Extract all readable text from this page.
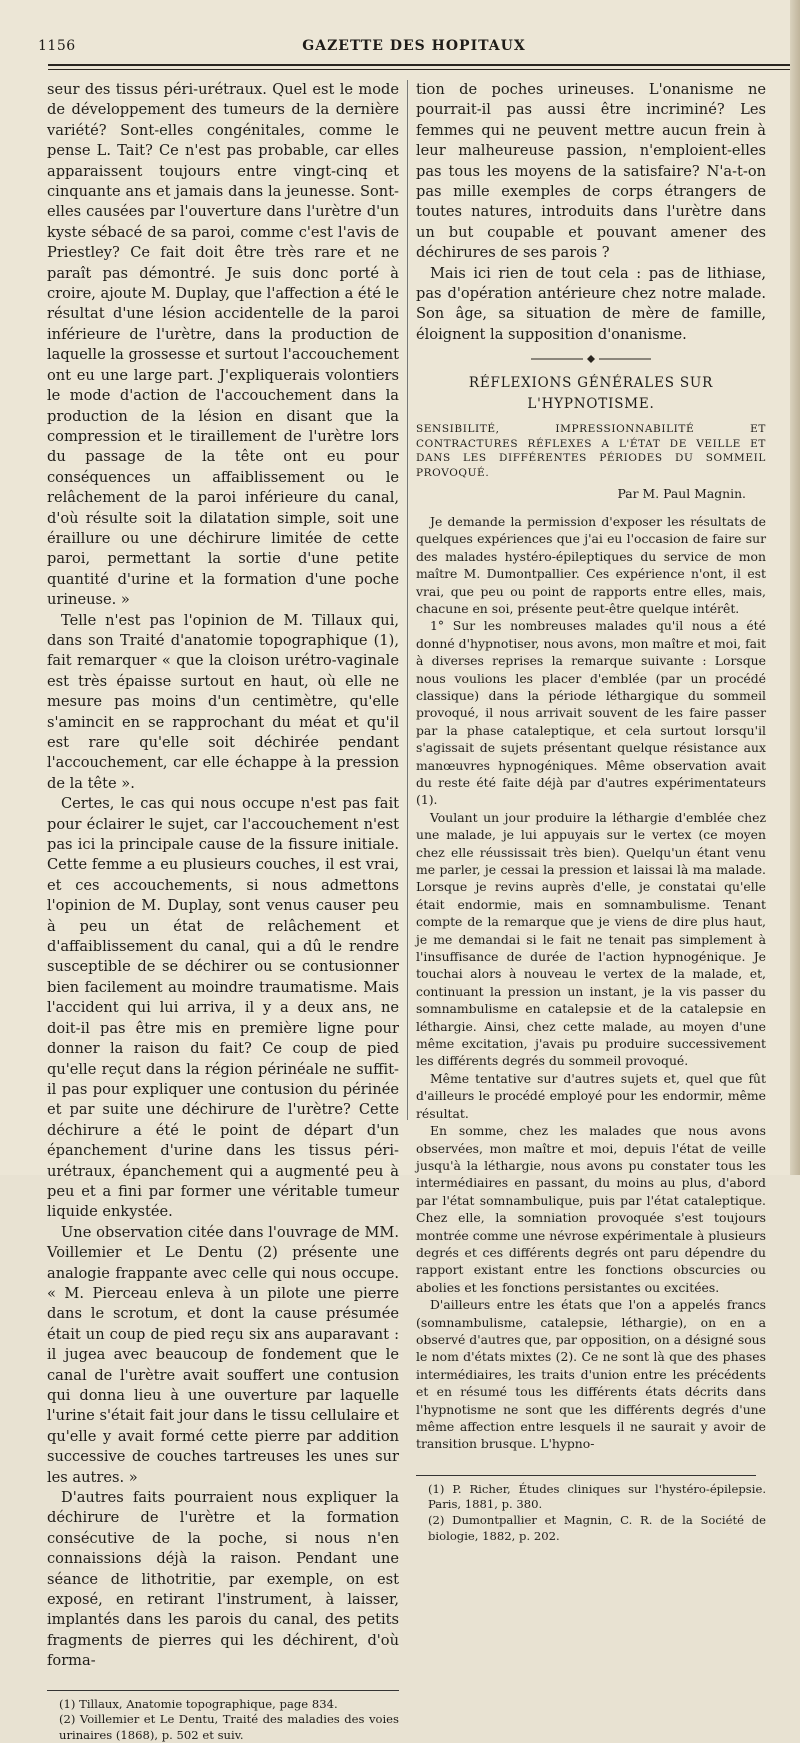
1156	GAZETTE DES HOPITAUX

seur des tissus péri-urétraux. Quel est le mode de développement des tumeurs de la dernière variété? Sont-elles congénitales, comme le pense L. Tait? Ce n'est pas probable, car elles apparaissent toujours entre vingt-cinq et cinquante ans et jamais dans la jeunesse. Sont-elles causées par l'ouverture dans l'urètre d'un kyste sébacé de sa paroi, comme c'est l'avis de Priestley? Ce fait doit être très rare et ne paraît pas démontré. Je suis donc porté à croire, ajoute M. Duplay, que l'affection a été le résultat d'une lésion accidentelle de la paroi inférieure de l'urètre, dans la production de laquelle la grossesse et surtout l'accouchement ont eu une large part. J'expliquerais volontiers le mode d'action de l'accouchement dans la production de la lésion en disant que la compression et le tiraillement de l'urètre lors du passage de la tête ont eu pour conséquences un affaiblissement ou le relâchement de la paroi inférieure du canal, d'où résulte soit la dilatation simple, soit une éraillure ou une déchirure limitée de cette paroi, permettant la sortie d'une petite quantité d'urine et la formation d'une poche urineuse. »

Telle n'est pas l'opinion de M. Tillaux qui, dans son Traité d'anatomie topographique (1), fait remarquer « que la cloison urétro-vaginale est très épaisse surtout en haut, où elle ne mesure pas moins d'un centimètre, qu'elle s'amincit en se rapprochant du méat et qu'il est rare qu'elle soit déchirée pendant l'accouchement, car elle échappe à la pression de la tête ».

Certes, le cas qui nous occupe n'est pas fait pour éclairer le sujet, car l'accouchement n'est pas ici la principale cause de la fissure initiale. Cette femme a eu plusieurs couches, il est vrai, et ces accouchements, si nous admettons l'opinion de M. Duplay, sont venus causer peu à peu un état de relâchement et d'affaiblissement du canal, qui a dû le rendre susceptible de se déchirer ou se contusionner bien facilement au moindre traumatisme. Mais l'accident qui lui arriva, il y a deux ans, ne doit-il pas être mis en première ligne pour donner la raison du fait? Ce coup de pied qu'elle reçut dans la région périnéale ne suffit-il pas pour expliquer une contusion du périnée et par suite une déchirure de l'urètre? Cette déchirure a été le point de départ d'un épanchement d'urine dans les tissus péri-urétraux, épanchement qui a augmenté peu à peu et a fini par former une véritable tumeur liquide enkystée.

Une observation citée dans l'ouvrage de MM. Voillemier et Le Dentu (2) présente une analogie frappante avec celle qui nous occupe. « M. Pierceau enleva à un pilote une pierre dans le scrotum, et dont la cause présumée était un coup de pied reçu six ans auparavant : il jugea avec beaucoup de fondement que le canal de l'urètre avait souffert une contusion qui donna lieu à une ouverture par laquelle l'urine s'était fait jour dans le tissu cellulaire et qu'elle y avait formé cette pierre par addition successive de couches tartreuses les unes sur les autres. »

D'autres faits pourraient nous expliquer la déchirure de l'urètre et la formation consécutive de la poche, si nous n'en connaissions déjà la raison. Pendant une séance de lithotritie, par exemple, on est exposé, en retirant l'instrument, à laisser, implantés dans les parois du canal, des petits fragments de pierres qui les déchirent, d'où forma-

(1) Tillaux, Anatomie topographique, page 834.

(2) Voillemier et Le Dentu, Traité des maladies des voies urinaires (1868), p. 502 et suiv.

tion de poches urineuses. L'onanisme ne pourrait-il pas aussi être incriminé? Les femmes qui ne peuvent mettre aucun frein à leur malheureuse passion, n'emploient-elles pas tous les moyens de la satisfaire? N'a-t-on pas mille exemples de corps étrangers de toutes natures, introduits dans l'urètre dans un but coupable et pouvant amener des déchirures de ses parois ?

Mais ici rien de tout cela : pas de lithiase, pas d'opération antérieure chez notre malade. Son âge, sa situation de mère de famille, éloignent la supposition d'onanisme.

RÉFLEXIONS GÉNÉRALES SUR L'HYPNOTISME.

SENSIBILITÉ, IMPRESSIONNABILITÉ ET CONTRACTURES RÉFLEXES A L'ÉTAT DE VEILLE ET DANS LES DIFFÉRENTES PÉRIODES DU SOMMEIL PROVOQUÉ.

Par M. Paul Magnin.

Je demande la permission d'exposer les résultats de quelques expériences que j'ai eu l'occasion de faire sur des malades hystéro-épileptiques du service de mon maître M. Dumontpallier. Ces expérience n'ont, il est vrai, que peu ou point de rapports entre elles, mais, chacune en soi, présente peut-être quelque intérêt.

1° Sur les nombreuses malades qu'il nous a été donné d'hypnotiser, nous avons, mon maître et moi, fait à diverses reprises la remarque suivante : Lorsque nous voulions les placer d'emblée (par un procédé classique) dans la période léthargique du sommeil provoqué, il nous arrivait souvent de les faire passer par la phase cataleptique, et cela surtout lorsqu'il s'agissait de sujets présentant quelque résistance aux manœuvres hypnogéniques. Même observation avait du reste été faite déjà par d'autres expérimentateurs (1).

Voulant un jour produire la léthargie d'emblée chez une malade, je lui appuyais sur le vertex (ce moyen chez elle réussissait très bien). Quelqu'un étant venu me parler, je cessai la pression et laissai là ma malade. Lorsque je revins auprès d'elle, je constatai qu'elle était endormie, mais en somnambulisme. Tenant compte de la remarque que je viens de dire plus haut, je me demandai si le fait ne tenait pas simplement à l'insuffisance de durée de l'action hypnogénique. Je touchai alors à nouveau le vertex de la malade, et, continuant la pression un instant, je la vis passer du somnambulisme en catalepsie et de la catalepsie en léthargie. Ainsi, chez cette malade, au moyen d'une même excitation, j'avais pu produire successivement les différents degrés du sommeil provoqué.

Même tentative sur d'autres sujets et, quel que fût d'ailleurs le procédé employé pour les endormir, même résultat.

En somme, chez les malades que nous avons observées, mon maître et moi, depuis l'état de veille jusqu'à la léthargie, nous avons pu constater tous les intermédiaires en passant, du moins au plus, d'abord par l'état somnambulique, puis par l'état cataleptique. Chez elle, la somniation provoquée s'est toujours montrée comme une névrose expérimentale à plusieurs degrés et ces différents degrés ont paru dépendre du rapport existant entre les fonctions obscurcies ou abolies et les fonctions persistantes ou excitées.

D'ailleurs entre les états que l'on a appelés francs (somnambulisme, catalepsie, léthargie), on en a observé d'autres que, par opposition, on a désigné sous le nom d'états mixtes (2). Ce ne sont là que des phases intermédiaires, les traits d'union entre les précédents et en résumé tous les différents états décrits dans l'hypnotisme ne sont que les différents degrés d'une même affection entre lesquels il ne saurait y avoir de transition brusque. L'hypno-

(1) P. Richer, Études cliniques sur l'hystéro-épilepsie. Paris, 1881, p. 380.

(2) Dumontpallier et Magnin, C. R. de la Société de biologie, 1882, p. 202.
